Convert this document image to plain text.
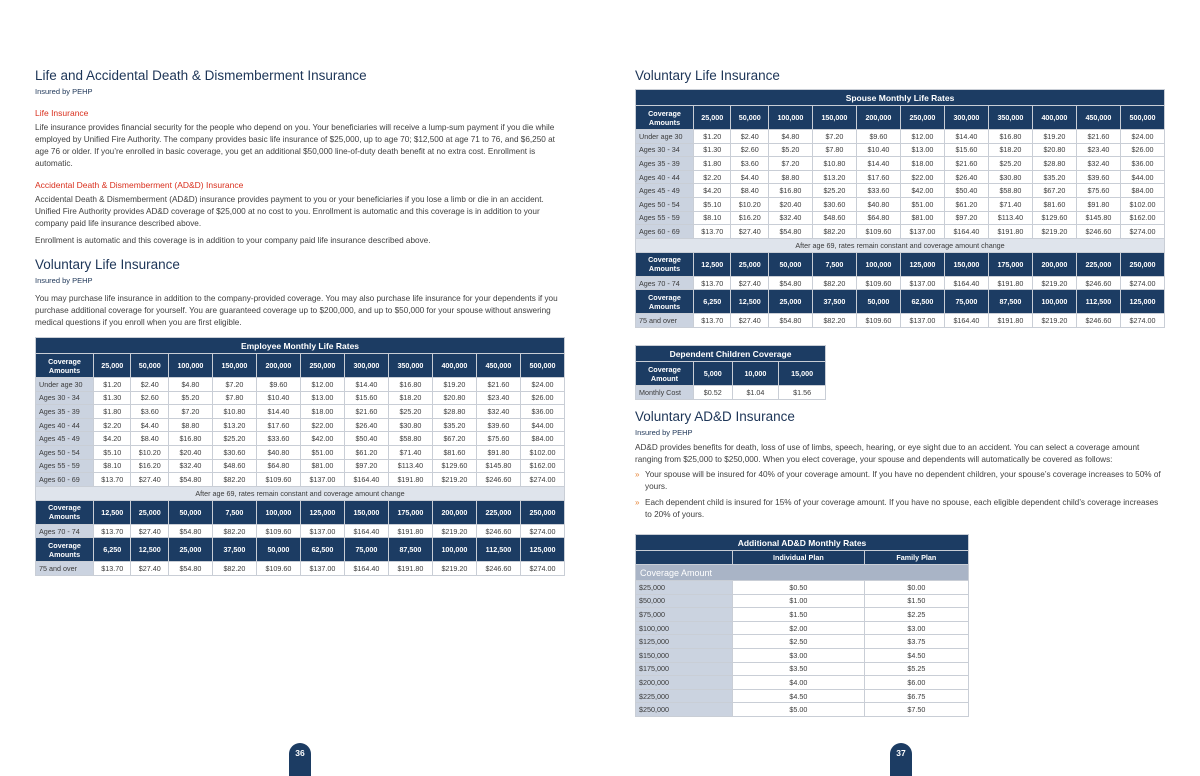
Life and Accidental Death & Dismemberment Insurance
Insured by PEHP
Life Insurance

Life insurance provides financial security for the people who depend on you. Your beneficiaries will receive a lump-sum payment if you die while employed by Unified Fire Authority. The company provides basic life insurance of $25,000, up to age 70; $12,500 at age 71 to 76, and $6,250 at age 76 or older. If you’re enrolled in basic coverage, you get an additional $50,000 line-of-duty death benefit at no extra cost. Enrollment is automatic.

Accidental Death & Dismemberment (AD&D) Insurance

Accidental Death & Dismemberment (AD&D) insurance provides payment to you or your beneficiaries if you lose a limb or die in an accident. Unified Fire Authority provides AD&D coverage of $25,000 at no cost to you. Enrollment is automatic and this coverage is in addition to your company paid life insurance described above.

Enrollment is automatic and this coverage is in addition to your company paid life insurance described above.

Voluntary Life Insurance
Insured by PEHP

You may purchase life insurance in addition to the company-provided coverage. You may also purchase life insurance for your dependents if you purchase additional coverage for yourself. You are guaranteed coverage up to $200,000, and up to $50,000 for your spouse without answering medical questions if you enroll when you are first eligible.

Employee Monthly Life Rates											
Coverage Amounts	25,000	50,000	100,000	150,000	200,000	250,000	300,000	350,000	400,000	450,000	500,000
Under age 30	$1.20	$2.40	$4.80	$7.20	$9.60	$12.00	$14.40	$16.80	$19.20	$21.60	$24.00
Ages 30 - 34	$1.30	$2.60	$5.20	$7.80	$10.40	$13.00	$15.60	$18.20	$20.80	$23.40	$26.00
Ages 35 - 39	$1.80	$3.60	$7.20	$10.80	$14.40	$18.00	$21.60	$25.20	$28.80	$32.40	$36.00
Ages 40 - 44	$2.20	$4.40	$8.80	$13.20	$17.60	$22.00	$26.40	$30.80	$35.20	$39.60	$44.00
Ages 45 - 49	$4.20	$8.40	$16.80	$25.20	$33.60	$42.00	$50.40	$58.80	$67.20	$75.60	$84.00
Ages 50 - 54	$5.10	$10.20	$20.40	$30.60	$40.80	$51.00	$61.20	$71.40	$81.60	$91.80	$102.00
Ages 55 - 59	$8.10	$16.20	$32.40	$48.60	$64.80	$81.00	$97.20	$113.40	$129.60	$145.80	$162.00
Ages 60 - 69	$13.70	$27.40	$54.80	$82.20	$109.60	$137.00	$164.40	$191.80	$219.20	$246.60	$274.00
After age 69, rates remain constant and coverage amount change											
Coverage Amounts	12,500	25,000	50,000	7,500	100,000	125,000	150,000	175,000	200,000	225,000	250,000
Ages 70 - 74	$13.70	$27.40	$54.80	$82.20	$109.60	$137.00	$164.40	$191.80	$219.20	$246.60	$274.00
Coverage Amounts	6,250	12,500	25,000	37,500	50,000	62,500	75,000	87,500	100,000	112,500	125,000
75 and over	$13.70	$27.40	$54.80	$82.20	$109.60	$137.00	$164.40	$191.80	$219.20	$246.60	$274.00
36
Voluntary Life Insurance
Spouse Monthly Life Rates											
Coverage Amounts	25,000	50,000	100,000	150,000	200,000	250,000	300,000	350,000	400,000	450,000	500,000
Under age 30	$1.20	$2.40	$4.80	$7.20	$9.60	$12.00	$14.40	$16.80	$19.20	$21.60	$24.00
Ages 30 - 34	$1.30	$2.60	$5.20	$7.80	$10.40	$13.00	$15.60	$18.20	$20.80	$23.40	$26.00
Ages 35 - 39	$1.80	$3.60	$7.20	$10.80	$14.40	$18.00	$21.60	$25.20	$28.80	$32.40	$36.00
Ages 40 - 44	$2.20	$4.40	$8.80	$13.20	$17.60	$22.00	$26.40	$30.80	$35.20	$39.60	$44.00
Ages 45 - 49	$4.20	$8.40	$16.80	$25.20	$33.60	$42.00	$50.40	$58.80	$67.20	$75.60	$84.00
Ages 50 - 54	$5.10	$10.20	$20.40	$30.60	$40.80	$51.00	$61.20	$71.40	$81.60	$91.80	$102.00
Ages 55 - 59	$8.10	$16.20	$32.40	$48.60	$64.80	$81.00	$97.20	$113.40	$129.60	$145.80	$162.00
Ages 60 - 69	$13.70	$27.40	$54.80	$82.20	$109.60	$137.00	$164.40	$191.80	$219.20	$246.60	$274.00
After age 69, rates remain constant and coverage amount change											
Coverage Amounts	12,500	25,000	50,000	7,500	100,000	125,000	150,000	175,000	200,000	225,000	250,000
Ages 70 - 74	$13.70	$27.40	$54.80	$82.20	$109.60	$137.00	$164.40	$191.80	$219.20	$246.60	$274.00
Coverage Amounts	6,250	12,500	25,000	37,500	50,000	62,500	75,000	87,500	100,000	112,500	125,000
75 and over	$13.70	$27.40	$54.80	$82.20	$109.60	$137.00	$164.40	$191.80	$219.20	$246.60	$274.00
Dependent Children Coverage			
Coverage Amount	5,000	10,000	15,000
Monthly Cost	$0.52	$1.04	$1.56
Voluntary AD&D Insurance
Insured by PEHP

AD&D provides benefits for death, loss of use of limbs, speech, hearing, or eye sight due to an accident. You can select a coverage amount ranging from $25,000 to $250,000. When you elect coverage, your spouse and dependents will automatically be covered as follows:

» Your spouse will be insured for 40% of your coverage amount. If you have no dependent children, your spouse’s coverage increases to 50% of yours.
» Each dependent child is insured for 15% of your coverage amount. If you have no spouse, each eligible dependent child’s coverage increases to 20% of yours.
Additional AD&D Monthly Rates		
	Individual Plan	Family Plan
Coverage Amount		
$25,000	$0.50	$0.00
$50,000	$1.00	$1.50
$75,000	$1.50	$2.25
$100,000	$2.00	$3.00
$125,000	$2.50	$3.75
$150,000	$3.00	$4.50
$175,000	$3.50	$5.25
$200,000	$4.00	$6.00
$225,000	$4.50	$6.75
$250,000	$5.00	$7.50
37
